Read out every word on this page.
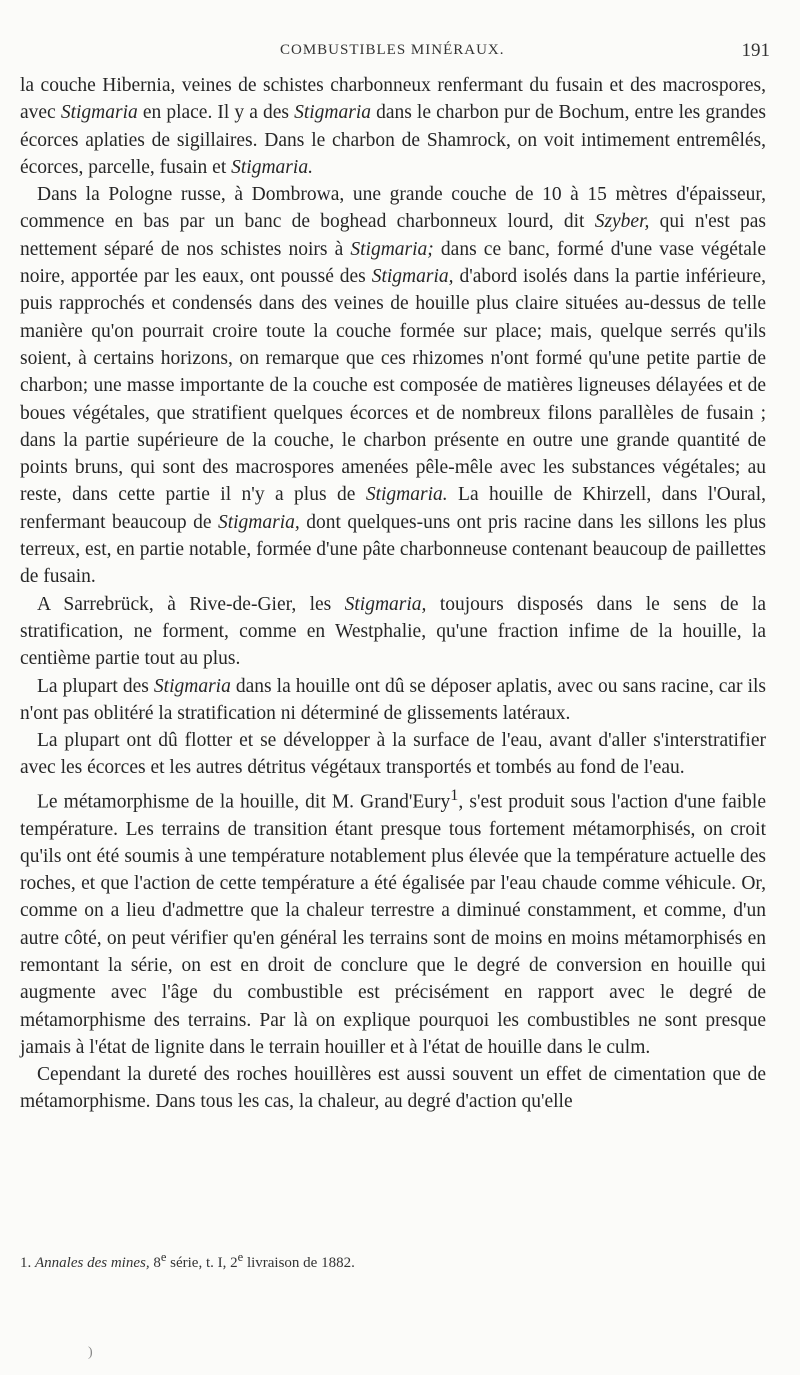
COMBUSTIBLES MINÉRAUX.	191

la couche Hibernia, veines de schistes charbonneux renfermant du fusain et des macrospores, avec Stigmaria en place. Il y a des Stigmaria dans le charbon pur de Bochum, entre les grandes écorces aplaties de sigillaires. Dans le charbon de Shamrock, on voit intimement entremêlés, écorces, parcelle, fusain et Stigmaria.

Dans la Pologne russe, à Dombrowa, une grande couche de 10 à 15 mètres d'épaisseur, commence en bas par un banc de boghead charbonneux lourd, dit Szyber, qui n'est pas nettement séparé de nos schistes noirs à Stigmaria; dans ce banc, formé d'une vase végétale noire, apportée par les eaux, ont poussé des Stigmaria, d'abord isolés dans la partie inférieure, puis rapprochés et condensés dans des veines de houille plus claire situées au-dessus de telle manière qu'on pourrait croire toute la couche formée sur place; mais, quelque serrés qu'ils soient, à certains horizons, on remarque que ces rhizomes n'ont formé qu'une petite partie de charbon; une masse importante de la couche est composée de matières ligneuses délayées et de boues végétales, que stratifient quelques écorces et de nombreux filons parallèles de fusain ; dans la partie supérieure de la couche, le charbon présente en outre une grande quantité de points bruns, qui sont des macrospores amenées pêle-mêle avec les substances végétales; au reste, dans cette partie il n'y a plus de Stigmaria. La houille de Khirzell, dans l'Oural, renfermant beaucoup de Stigmaria, dont quelques-uns ont pris racine dans les sillons les plus terreux, est, en partie notable, formée d'une pâte charbonneuse contenant beaucoup de paillettes de fusain.

A Sarrebrück, à Rive-de-Gier, les Stigmaria, toujours disposés dans le sens de la stratification, ne forment, comme en Westphalie, qu'une fraction infime de la houille, la centième partie tout au plus.

La plupart des Stigmaria dans la houille ont dû se déposer aplatis, avec ou sans racine, car ils n'ont pas oblitéré la stratification ni déterminé de glissements latéraux.

La plupart ont dû flotter et se développer à la surface de l'eau, avant d'aller s'interstratifier avec les écorces et les autres détritus végétaux transportés et tombés au fond de l'eau.

Le métamorphisme de la houille, dit M. Grand'Eury$^1$, s'est produit sous l'action d'une faible température. Les terrains de transition étant presque tous fortement métamorphisés, on croit qu'ils ont été soumis à une température notablement plus élevée que la température actuelle des roches, et que l'action de cette température a été égalisée par l'eau chaude comme véhicule. Or, comme on a lieu d'admettre que la chaleur terrestre a diminué constamment, et comme, d'un autre côté, on peut vérifier qu'en général les terrains sont de moins en moins métamorphisés en remontant la série, on est en droit de conclure que le degré de conversion en houille qui augmente avec l'âge du combustible est précisément en rapport avec le degré de métamorphisme des terrains. Par là on explique pourquoi les combustibles ne sont presque jamais à l'état de lignite dans le terrain houiller et à l'état de houille dans le culm.

Cependant la dureté des roches houillères est aussi souvent un effet de cimentation que de métamorphisme. Dans tous les cas, la chaleur, au degré d'action qu'elle

1. Annales des mines, 8e série, t. I, 2e livraison de 1882.
)
